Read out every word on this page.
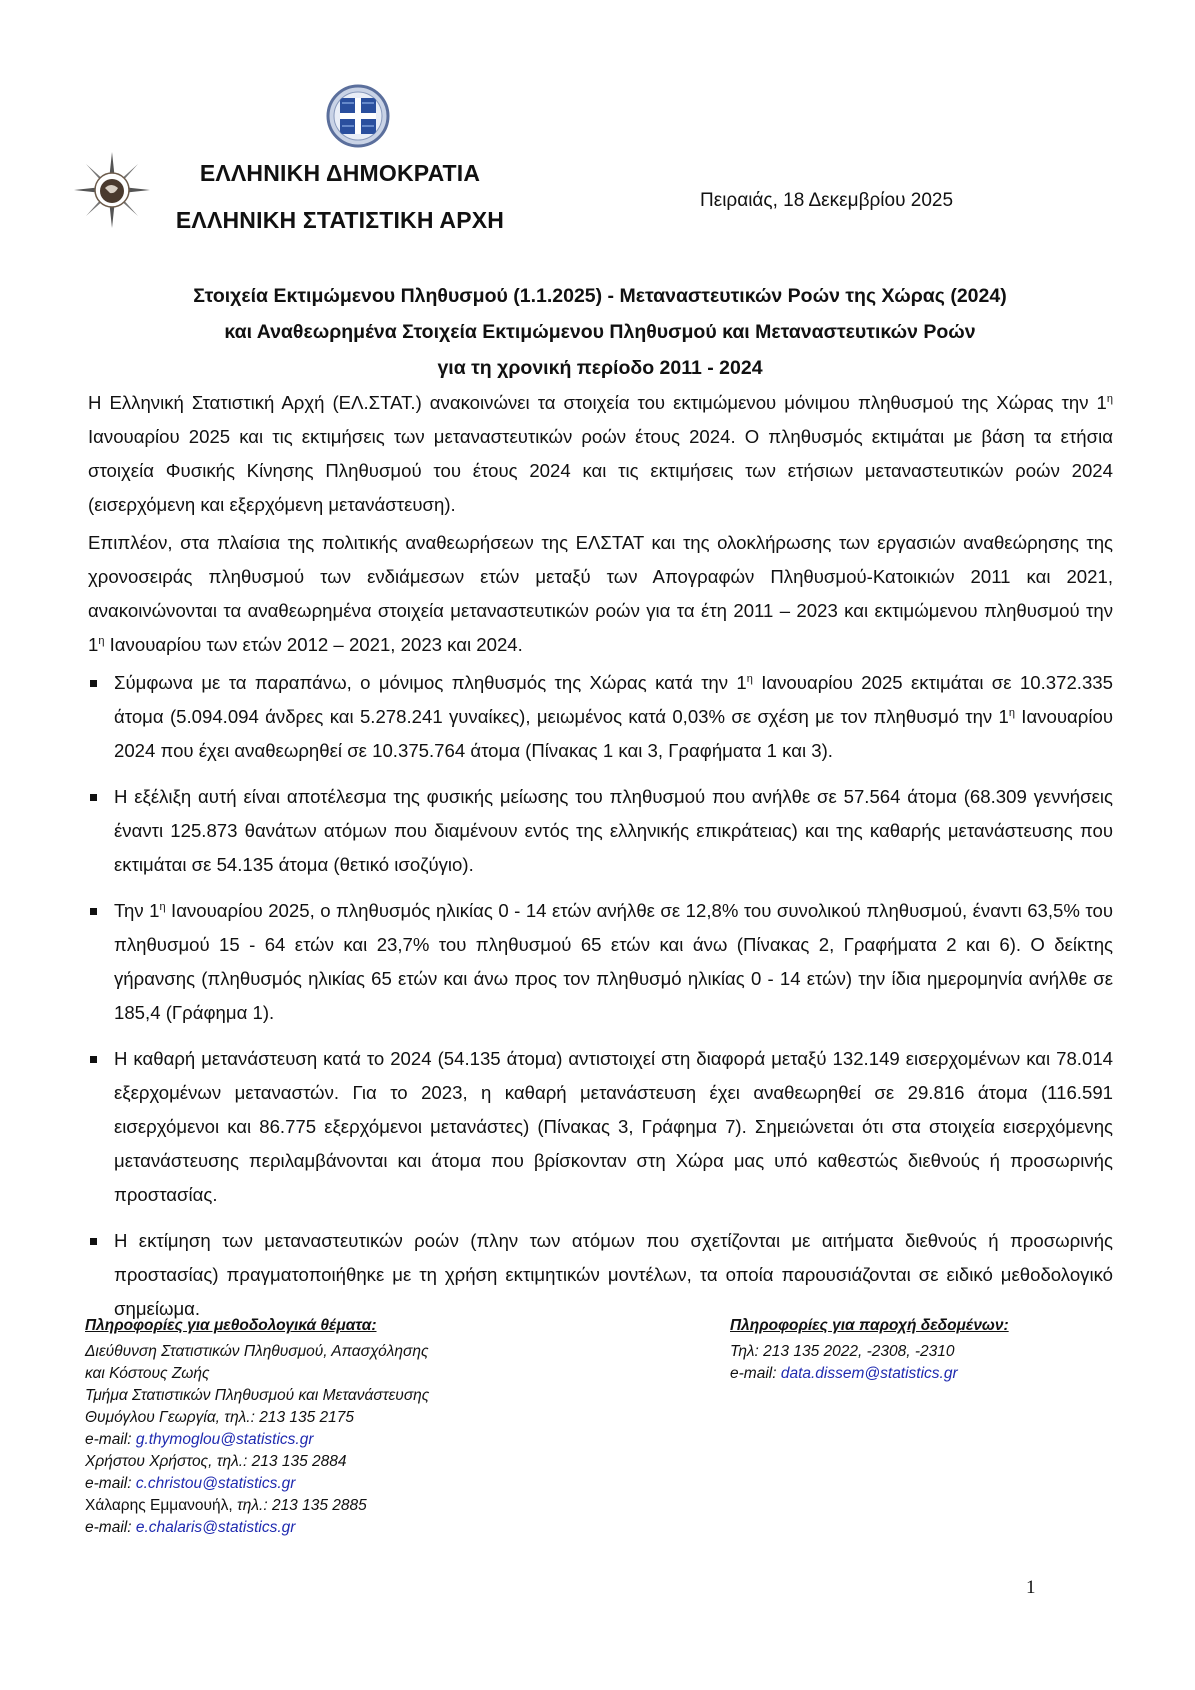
ΕΛΛΗΝΙΚΗ ΔΗΜΟΚΡΑΤΙΑ
ΕΛΛΗΝΙΚΗ ΣΤΑΤΙΣΤΙΚΗ ΑΡΧΗ
Πειραιάς, 18 Δεκεμβρίου 2025
Στοιχεία Εκτιμώμενου Πληθυσμού (1.1.2025) - Μεταναστευτικών Ροών της Χώρας (2024)
και Αναθεωρημένα Στοιχεία Εκτιμώμενου Πληθυσμού και Μεταναστευτικών Ροών
για τη χρονική περίοδο 2011 - 2024
Η Ελληνική Στατιστική Αρχή (ΕΛ.ΣΤΑΤ.) ανακοινώνει τα στοιχεία του εκτιμώμενου μόνιμου πληθυσμού της Χώρας την $1^\eta$ Ιανουαρίου 2025 και τις εκτιμήσεις των μεταναστευτικών ροών έτους 2024. Ο πληθυσμός εκτιμάται με βάση τα ετήσια στοιχεία Φυσικής Κίνησης Πληθυσμού του έτους 2024 και τις εκτιμήσεις των ετήσιων μεταναστευτικών ροών 2024 (εισερχόμενη και εξερχόμενη μετανάστευση).
Επιπλέον, στα πλαίσια της πολιτικής αναθεωρήσεων της ΕΛΣΤΑΤ και της ολοκλήρωσης των εργασιών αναθεώρησης της χρονοσειράς πληθυσμού των ενδιάμεσων ετών μεταξύ των Απογραφών Πληθυσμού-Κατοικιών 2011 και 2021, ανακοινώνονται τα αναθεωρημένα στοιχεία μεταναστευτικών ροών για τα έτη 2011 – 2023 και εκτιμώμενου πληθυσμού την $1^\eta$ Ιανουαρίου των ετών 2012 – 2021, 2023 και 2024.
Σύμφωνα με τα παραπάνω, ο μόνιμος πληθυσμός της Χώρας κατά την $1^\eta$ Ιανουαρίου 2025 εκτιμάται σε 10.372.335 άτομα (5.094.094 άνδρες και 5.278.241 γυναίκες), μειωμένος κατά 0,03% σε σχέση με τον πληθυσμό την $1^\eta$ Ιανουαρίου 2024 που έχει αναθεωρηθεί σε 10.375.764 άτομα (Πίνακας 1 και 3, Γραφήματα 1 και 3).
Η εξέλιξη αυτή είναι αποτέλεσμα της φυσικής μείωσης του πληθυσμού που ανήλθε σε 57.564 άτομα (68.309 γεννήσεις έναντι 125.873 θανάτων ατόμων που διαμένουν εντός της ελληνικής επικράτειας) και της καθαρής μετανάστευσης που εκτιμάται σε 54.135 άτομα (θετικό ισοζύγιο).
Την $1^\eta$ Ιανουαρίου 2025, ο πληθυσμός ηλικίας 0 - 14 ετών ανήλθε σε 12,8% του συνολικού πληθυσμού, έναντι 63,5% του πληθυσμού 15 - 64 ετών και 23,7% του πληθυσμού 65 ετών και άνω (Πίνακας 2, Γραφήματα 2 και 6). Ο δείκτης γήρανσης (πληθυσμός ηλικίας 65 ετών και άνω προς τον πληθυσμό ηλικίας 0 - 14 ετών) την ίδια ημερομηνία ανήλθε σε 185,4 (Γράφημα 1).
Η καθαρή μετανάστευση κατά το 2024 (54.135 άτομα) αντιστοιχεί στη διαφορά μεταξύ 132.149 εισερχομένων και 78.014 εξερχομένων μεταναστών. Για το 2023, η καθαρή μετανάστευση έχει αναθεωρηθεί σε 29.816 άτομα (116.591 εισερχόμενοι και 86.775 εξερχόμενοι μετανάστες) (Πίνακας 3, Γράφημα 7). Σημειώνεται ότι στα στοιχεία εισερχόμενης μετανάστευσης περιλαμβάνονται και άτομα που βρίσκονταν στη Χώρα μας υπό καθεστώς διεθνούς ή προσωρινής προστασίας.
Η εκτίμηση των μεταναστευτικών ροών (πλην των ατόμων που σχετίζονται με αιτήματα διεθνούς ή προσωρινής προστασίας) πραγματοποιήθηκε με τη χρήση εκτιμητικών μοντέλων, τα οποία παρουσιάζονται σε ειδικό μεθοδολογικό σημείωμα.
Πληροφορίες για μεθοδολογικά θέματα:
Διεύθυνση Στατιστικών Πληθυσμού, Απασχόλησης
και Κόστους Ζωής
Τμήμα Στατιστικών Πληθυσμού και Μετανάστευσης
Θυμόγλου Γεωργία, τηλ.: 213 135 2175
e-mail: g.thymoglou@statistics.gr
Χρήστου Χρήστος, τηλ.: 213 135 2884
e-mail: c.christou@statistics.gr
Χάλαρης Εμμανουήλ, τηλ.: 213 135 2885
e-mail: e.chalaris@statistics.gr
Πληροφορίες για παροχή δεδομένων:
Τηλ: 213 135 2022, -2308, -2310
e-mail: data.dissem@statistics.gr
1
